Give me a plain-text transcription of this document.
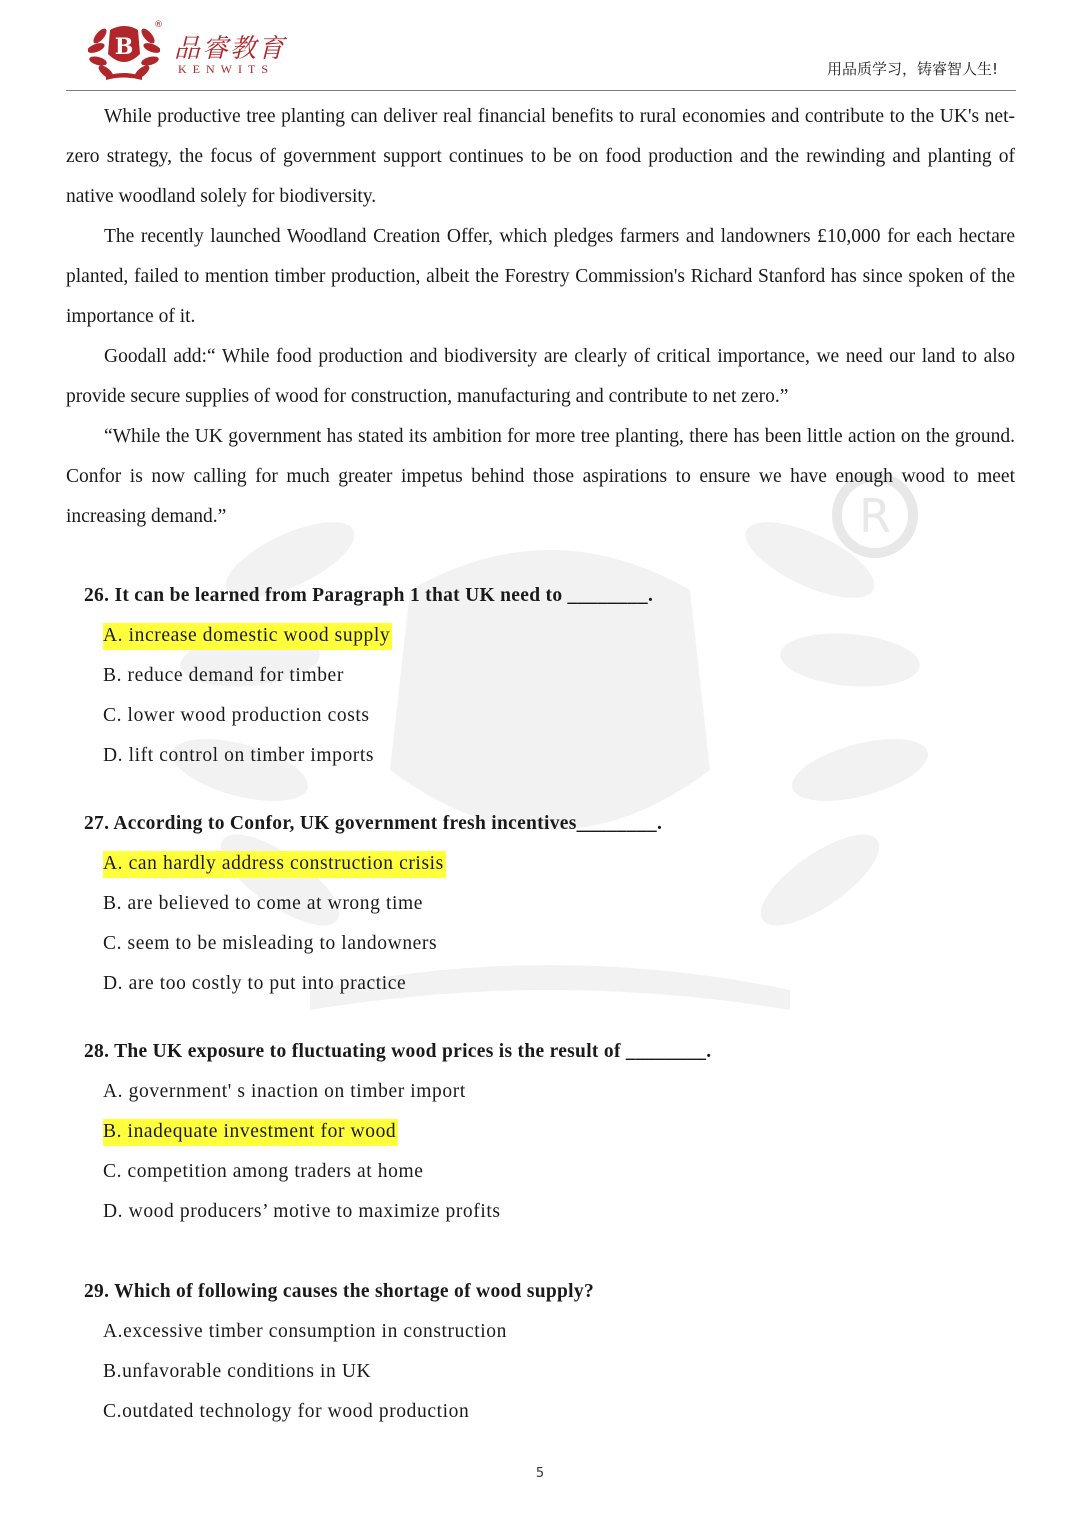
R
B
®
品睿教育
KENWITS	用品质学习，铸睿智人生!

While productive tree planting can deliver real financial benefits to rural economies and contribute to the UK's net-zero strategy, the focus of government support continues to be on food production and the rewinding and planting of native woodland solely for biodiversity.

The recently launched Woodland Creation Offer, which pledges farmers and landowners £10,000 for each hectare planted, failed to mention timber production, albeit the Forestry Commission's Richard Stanford has since spoken of the importance of it.

Goodall add:“ While food production and biodiversity are clearly of critical importance, we need our land to also provide secure supplies of wood for construction, manufacturing and contribute to net zero.”

“While the UK government has stated its ambition for more tree planting, there has been little action on the ground. Confor is now calling for much greater impetus behind those aspirations to ensure we have enough wood to meet increasing demand.”

26. It can be learned from Paragraph 1 that UK need to ________.

A. increase domestic wood supply

B. reduce demand for timber

C. lower wood production costs

D. lift control on timber imports

27. According to Confor, UK government fresh incentives________.

A. can hardly address construction crisis

B. are believed to come at wrong time

C. seem to be misleading to landowners

D. are too costly to put into practice

28. The UK exposure to fluctuating wood prices is the result of ________.

A. government' s inaction on timber import

B. inadequate investment for wood

C. competition among traders at home

D. wood producers’ motive to maximize profits

29. Which of following causes the shortage of wood supply?

A.excessive timber consumption in construction

B.unfavorable conditions in UK

C.outdated technology for wood production

5
